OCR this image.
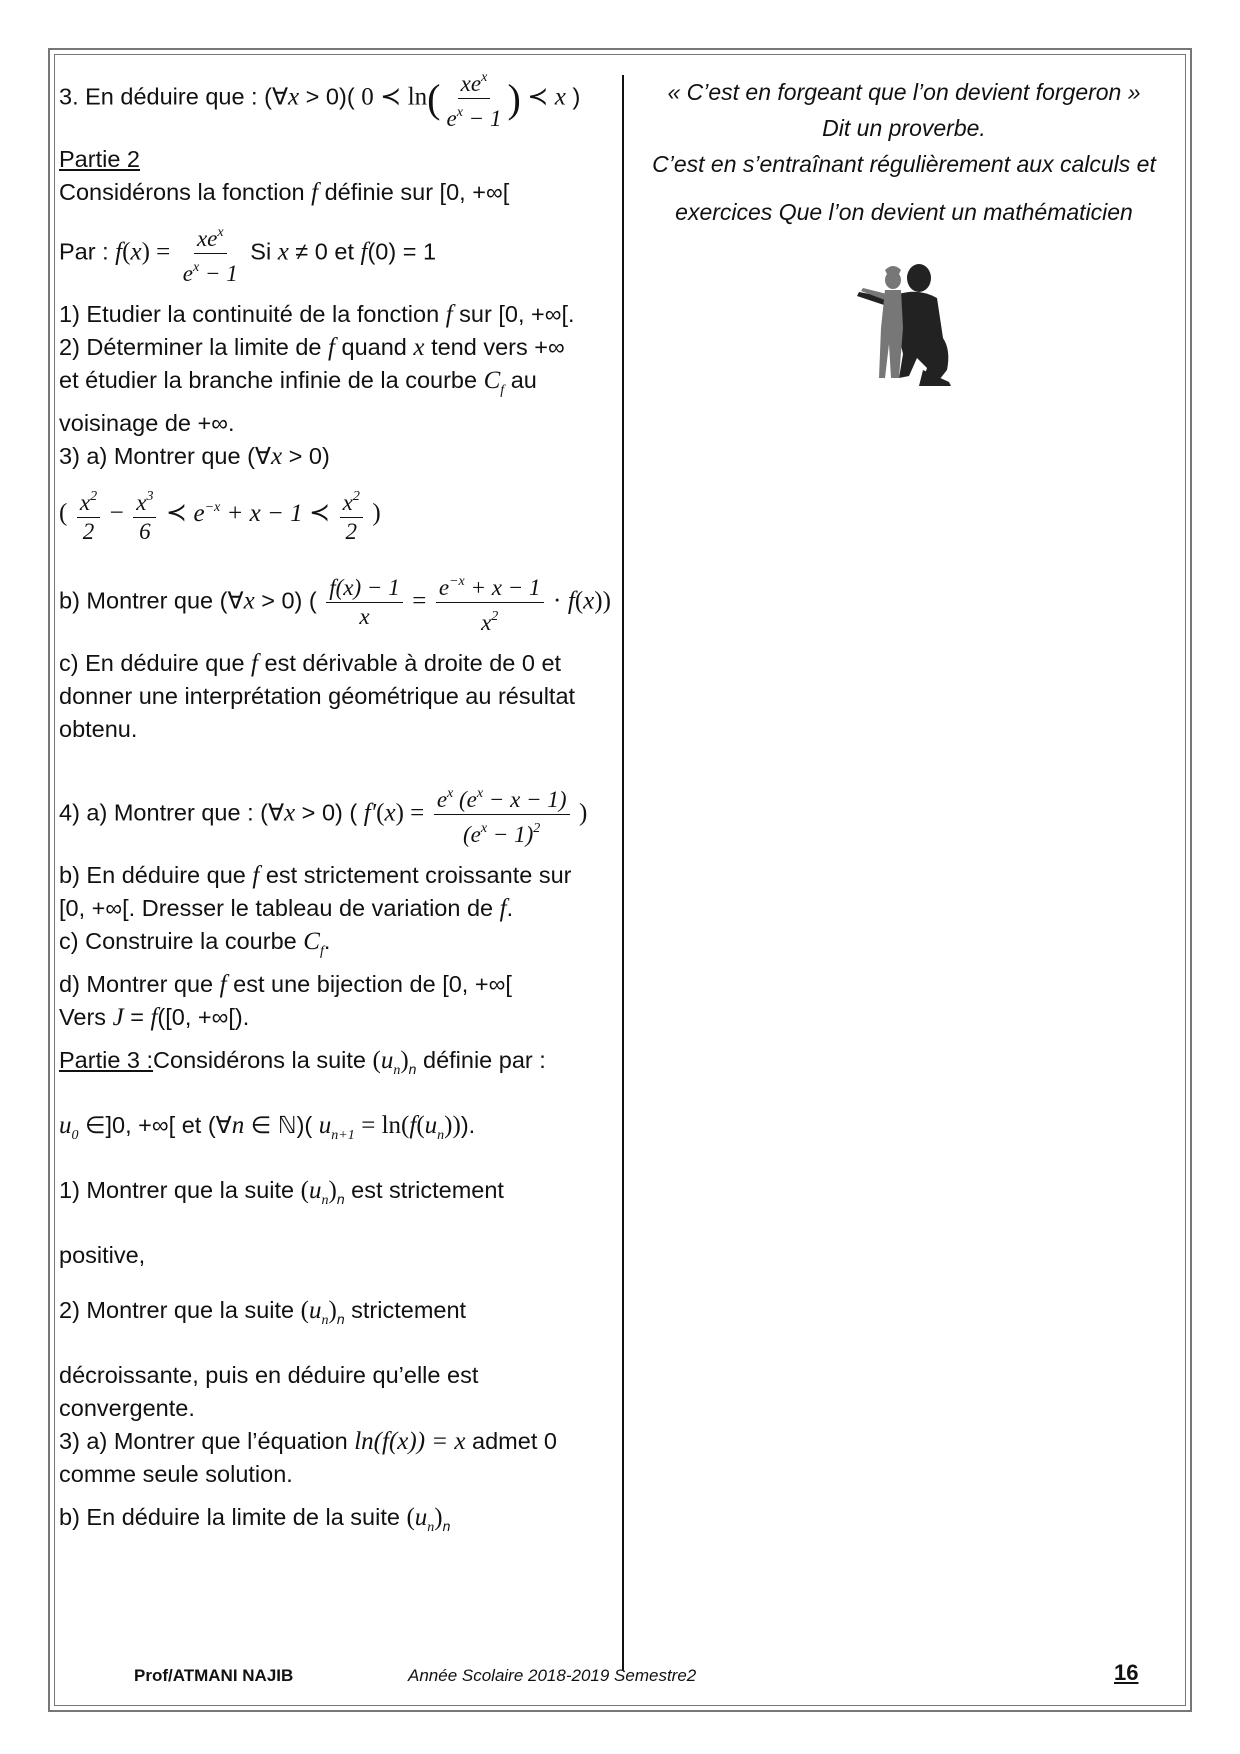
3. En déduire que : (∀x > 0)( 0 ≺ $\ln( \frac{xe^x}{e^x - 1}$ ) ≺ x )
Partie 2
Considérons la fonction f définie sur [0, +∞[
Par : $f(x) = \frac{xe^x}{e^x - 1}$ Si x ≠ 0 et f(0) = 1
1) Etudier la continuité de la fonction f sur [0, +∞[.
2) Déterminer la limite de f quand x tend vers +∞
et étudier la branche infinie de la courbe $C_f$ au
voisinage de +∞.
3) a) Montrer que (∀x > 0)
( $\frac{x^2}{2} - \frac{x^3}{6}$ ≺ $e^{-x} + x - 1$ ≺ $\frac{x^2}{2}$ )
b) Montrer que (∀x > 0) ( $\frac{f(x) - 1}{x} = \frac{e^{-x} + x - 1}{x^2} \cdot f(x)$)
c) En déduire que f est dérivable à droite de 0 et
donner une interprétation géométrique au résultat
obtenu.
4) a) Montrer que : (∀x > 0) ( $f'(x) = \frac{e^x (e^x - x - 1)}{(e^x - 1)^2}$ )
b) En déduire que f est strictement croissante sur
[0, +∞[. Dresser le tableau de variation de f.
c) Construire la courbe $C_f$.
d) Montrer que f est une bijection de [0, +∞[
Vers J = f([0, +∞[).
Partie 3 :Considérons la suite $(u_n)_n$ définie par :
$u_0$ ∈]0, +∞[ et (∀n ∈ ℕ)( $u_{n+1} = \ln(f(u_n))$).
1) Montrer que la suite $(u_n)_n$ est strictement
positive,
2) Montrer que la suite $(u_n)_n$ strictement
décroissante, puis en déduire qu’elle est
convergente.
3) a) Montrer que l’équation ln(f(x)) = x admet 0
comme seule solution.
b) En déduire la limite de la suite $(u_n)_n$
« C’est en forgeant que l’on devient forgeron »
Dit un proverbe.
C’est en s’entraînant régulièrement aux calculs et
exercices Que l’on devient un mathématicien
Prof/ATMANI NAJIB	Année Scolaire 2018-2019 Semestre2	16
